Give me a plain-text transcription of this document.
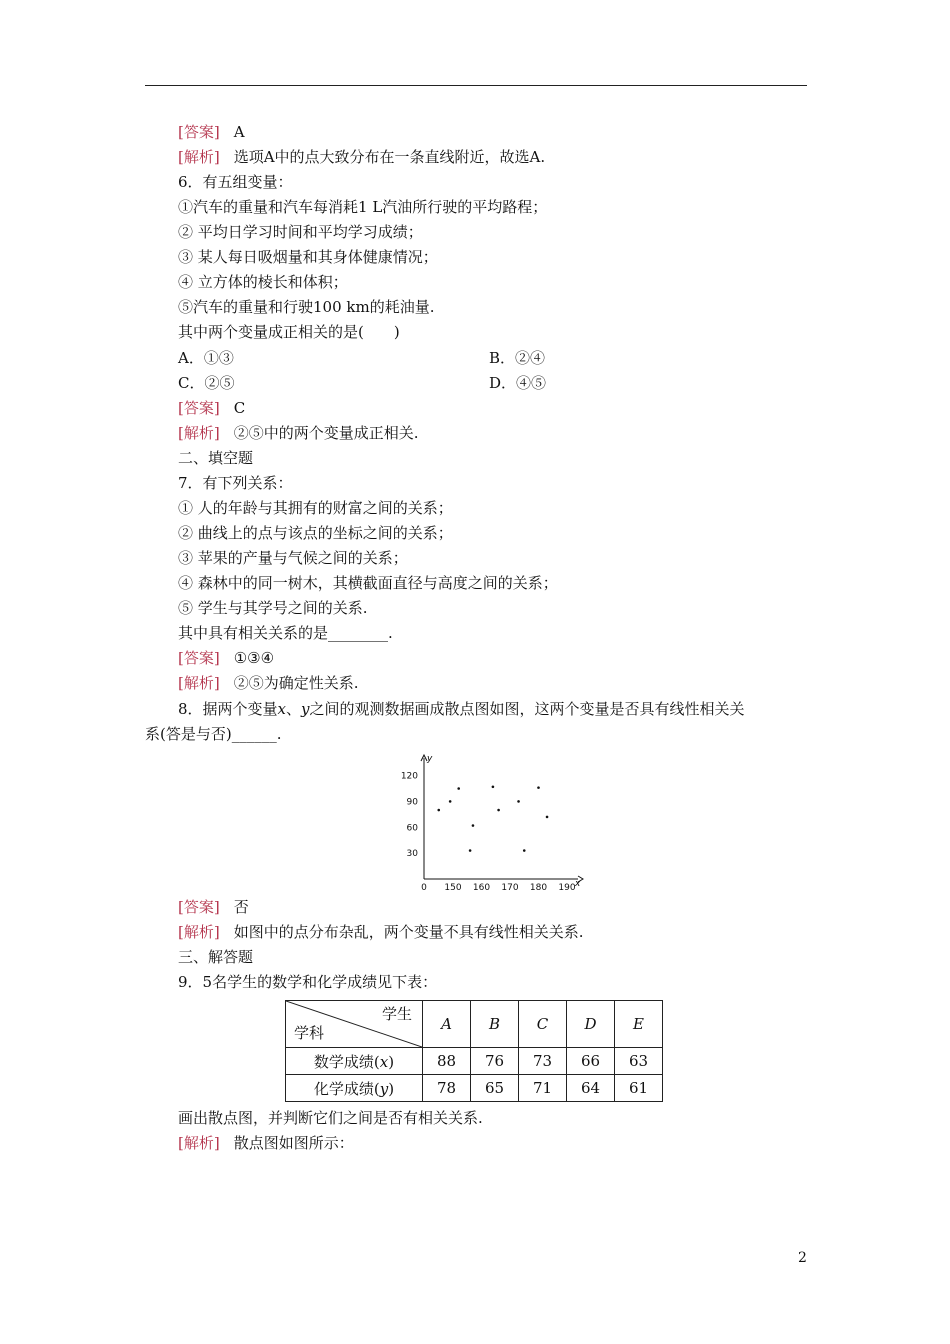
[答案] A
[解析] 选项A中的点大致分布在一条直线附近，故选A.
6．有五组变量：
①汽车的重量和汽车每消耗1 L汽油所行驶的平均路程；
② 平均日学习时间和平均学习成绩；
③ 某人每日吸烟量和其身体健康情况；
④ 立方体的棱长和体积；
⑤汽车的重量和行驶100 km的耗油量.
其中两个变量成正相关的是(　　)
A．①③	B．②④
C．②⑤	D．④⑤
[答案] C
[解析] ②⑤中的两个变量成正相关.
二、填空题
7．有下列关系：
① 人的年龄与其拥有的财富之间的关系；
② 曲线上的点与该点的坐标之间的关系；
③ 苹果的产量与气候之间的关系；
④ 森林中的同一树木，其横截面直径与高度之间的关系；
⑤ 学生与其学号之间的关系.
其中具有相关关系的是________.
[答案] ①③④
[解析] ②⑤为确定性关系.
8．据两个变量x、y之间的观测数据画成散点图如图，这两个变量是否具有线性相关关
系(答是与否)______.
y
x
0 150 160 170 180 190
30
60
90
120
[答案] 否
[解析] 如图中的点分布杂乱，两个变量不具有线性相关关系.
三、解答题
9．5名学生的数学和化学成绩见下表：
学生
学科	A	B	C	D	E
数学成绩(x)	88	76	73	66	63
化学成绩(y)	78	65	71	64	61
画出散点图，并判断它们之间是否有相关关系.
[解析] 散点图如图所示：
2
